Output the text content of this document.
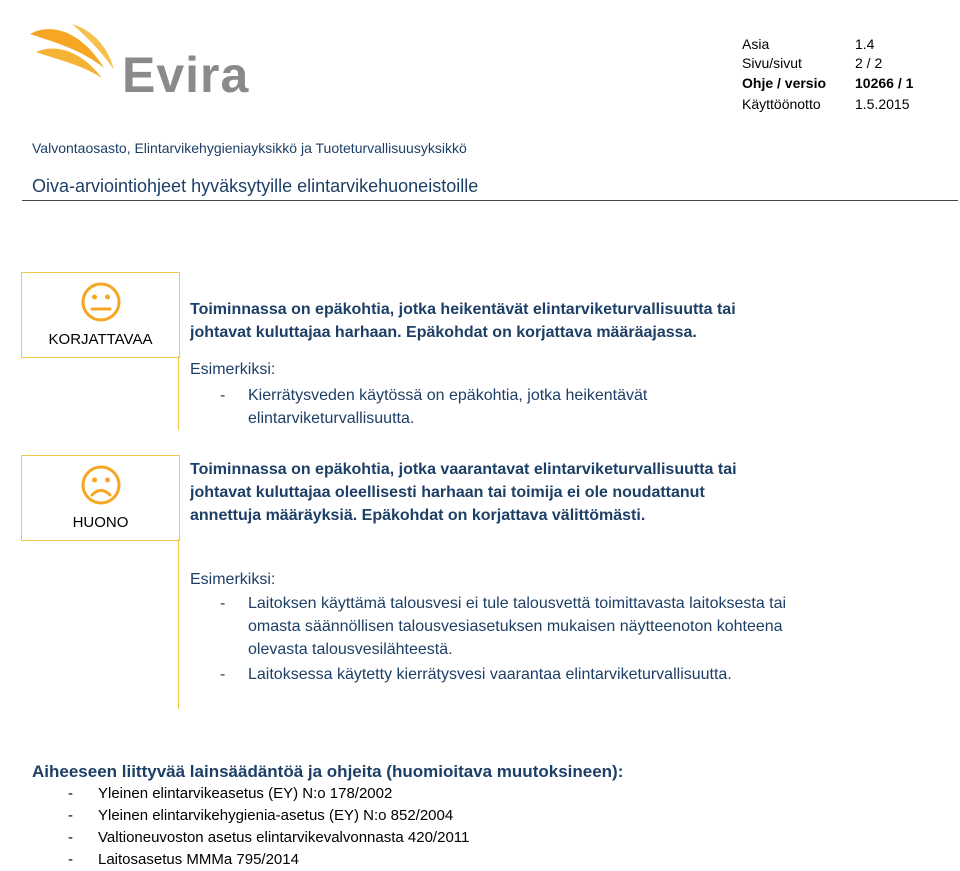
Evira
Asia	1.4
Sivu/sivut	2 / 2
Ohje / versio 10266 / 1
Käyttöönotto 1.5.2015
Valvontaosasto, Elintarvikehygieniayksikkö ja Tuoteturvallisuusyksikkö
Oiva-arviointiohjeet hyväksytyille elintarvikehuoneistoille
KORJATTAVAA
Toiminnassa on epäkohtia, jotka heikentävät elintarviketurvallisuutta tai
johtavat kuluttajaa harhaan. Epäkohdat on korjattava määräajassa.
Esimerkiksi:
- Kierrätysveden käytössä on epäkohtia, jotka heikentävät
elintarviketurvallisuutta.
HUONO
Toiminnassa on epäkohtia, jotka vaarantavat elintarviketurvallisuutta tai
johtavat kuluttajaa oleellisesti harhaan tai toimija ei ole noudattanut
annettuja määräyksiä. Epäkohdat on korjattava välittömästi.
Esimerkiksi:
- Laitoksen käyttämä talousvesi ei tule talousvettä toimittavasta laitoksesta tai
omasta säännöllisen talousvesiasetuksen mukaisen näytteenoton kohteena
olevasta talousvesilähteestä.
- Laitoksessa käytetty kierrätysvesi vaarantaa elintarviketurvallisuutta.
Aiheeseen liittyvää lainsäädäntöä ja ohjeita (huomioitava muutoksineen):
- Yleinen elintarvikeasetus (EY) N:o 178/2002
- Yleinen elintarvikehygienia-asetus (EY) N:o 852/2004
- Valtioneuvoston asetus elintarvikevalvonnasta 420/2011
- Laitosasetus MMMa 795/2014
